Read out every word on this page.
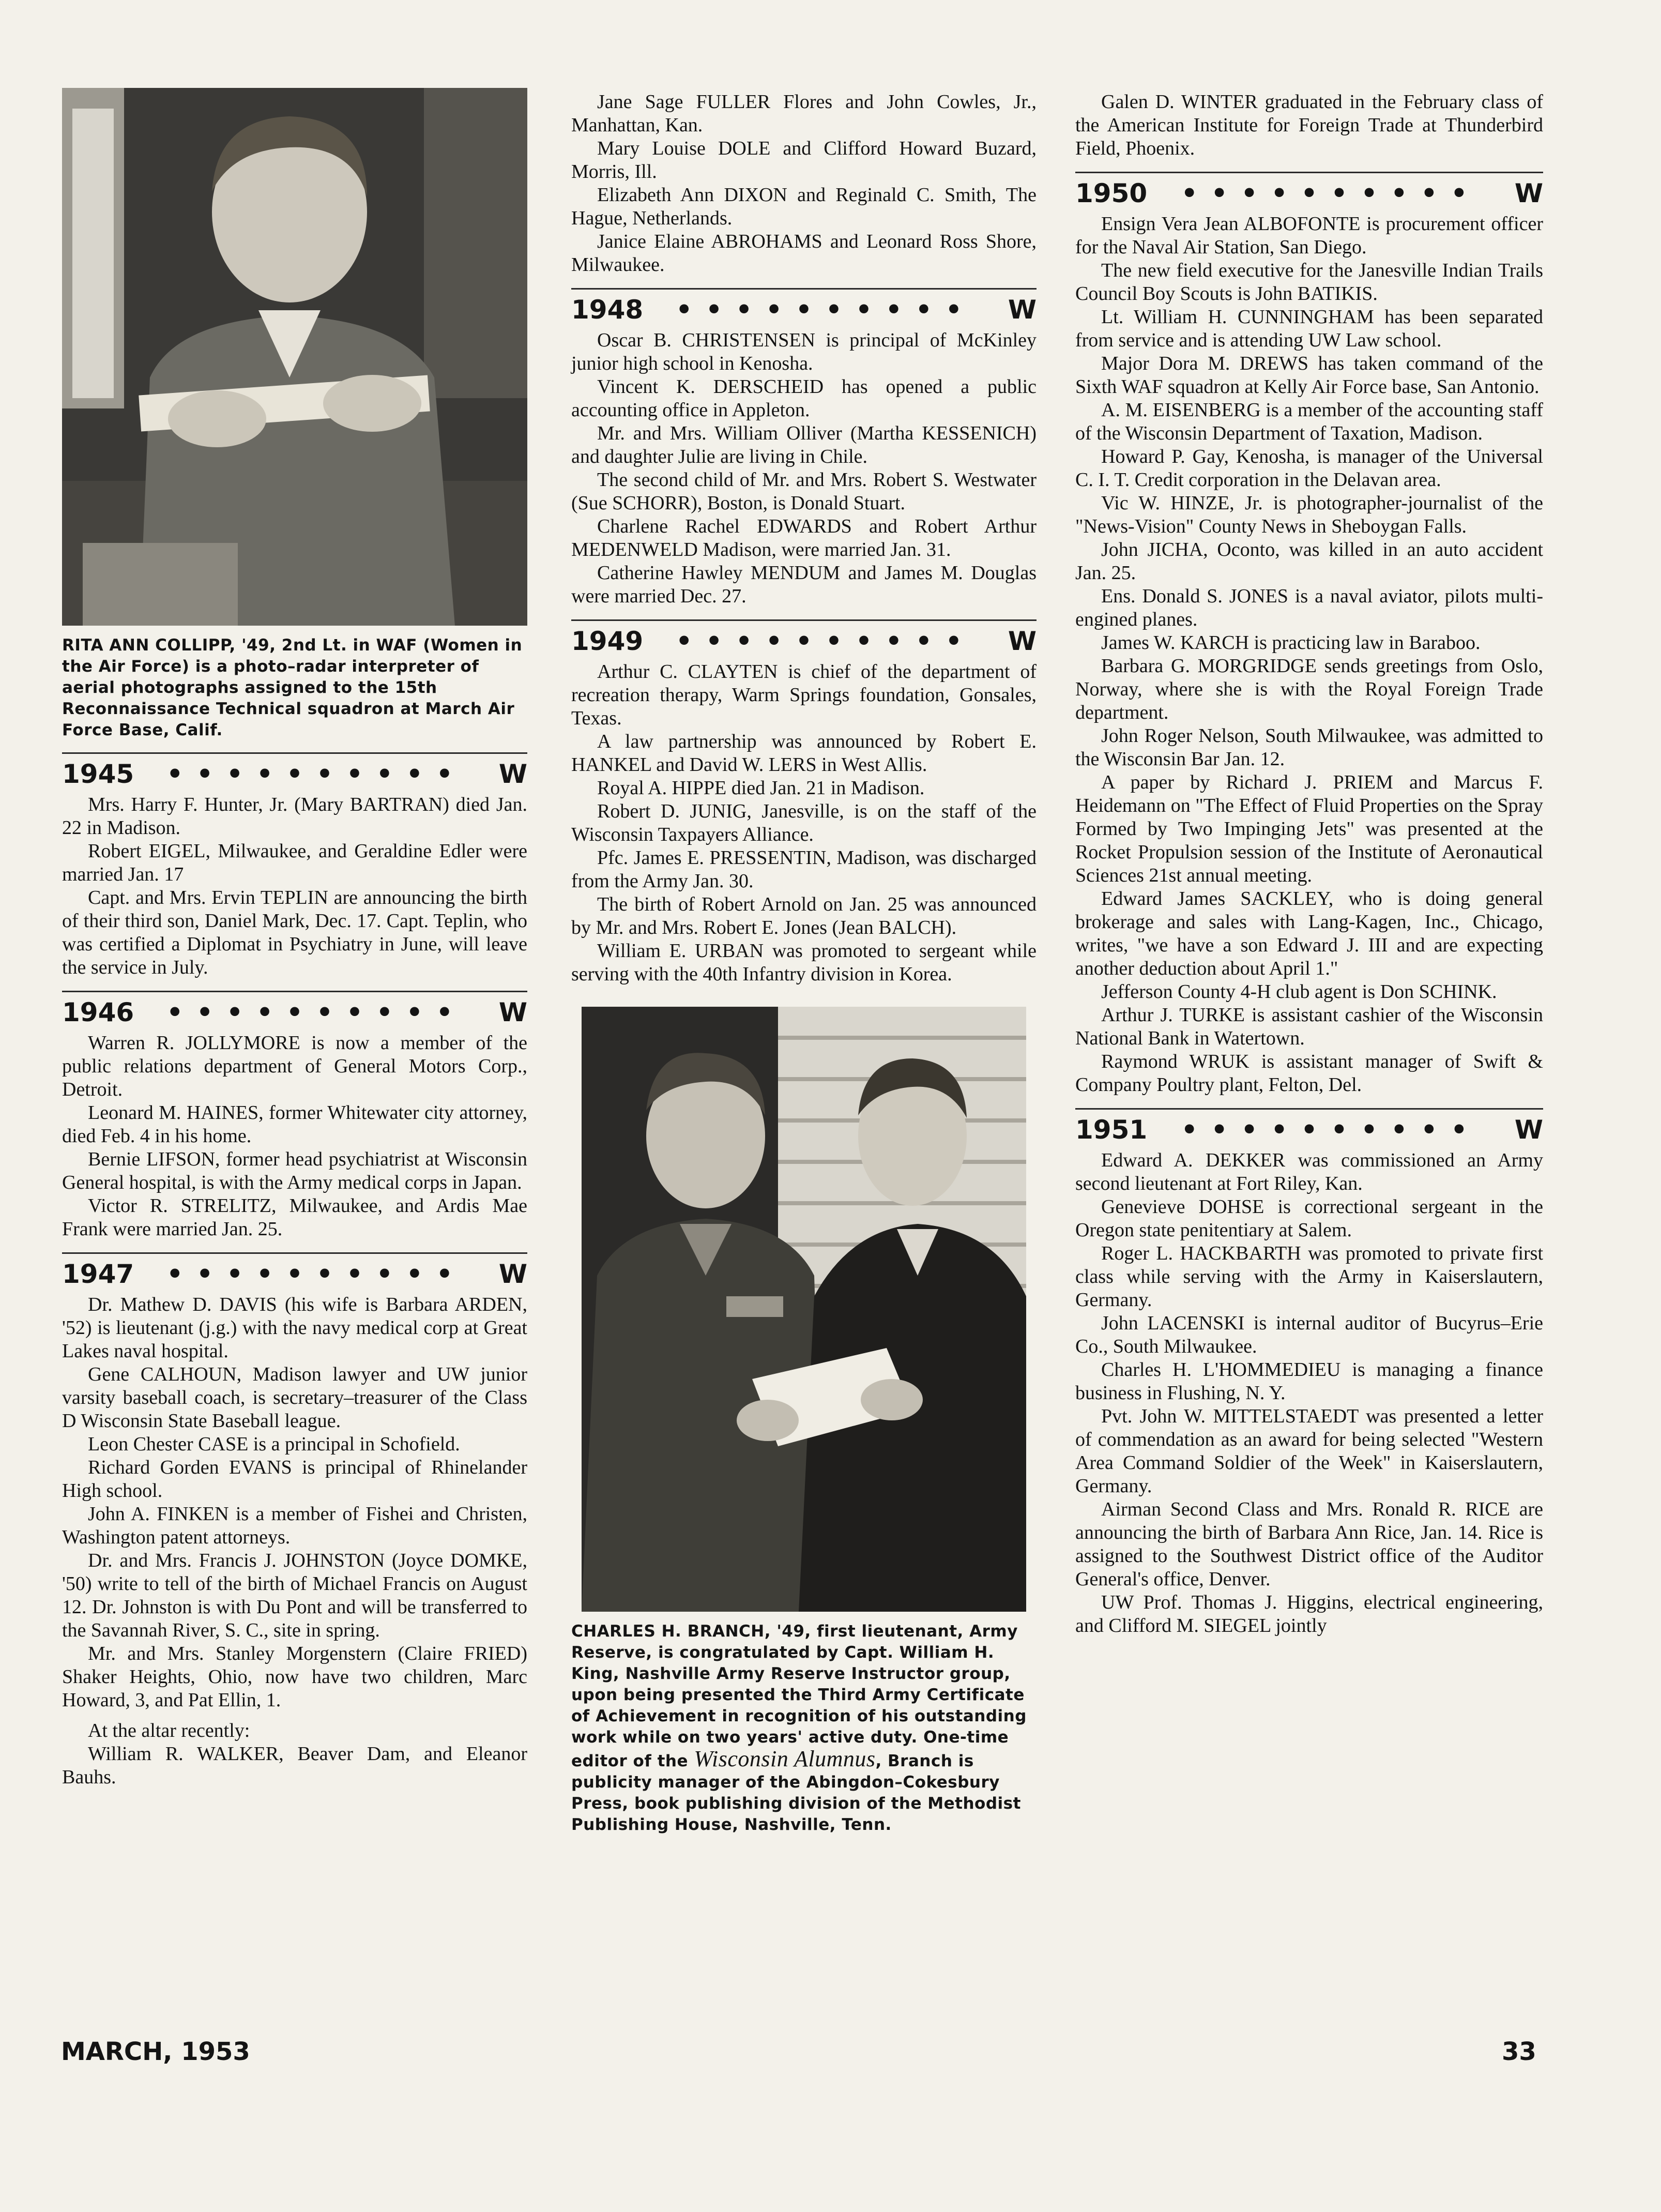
RITA ANN COLLIPP, '49, 2nd Lt. in WAF (Women in the Air Force) is a photo–radar interpreter of aerial photographs assigned to the 15th Reconnaissance Technical squadron at March Air Force Base, Calif.
1945	••••••••••	W

Mrs. Harry F. Hunter, Jr. (Mary BARTRAN) died Jan. 22 in Madison.

Robert EIGEL, Milwaukee, and Geraldine Edler were married Jan. 17

Capt. and Mrs. Ervin TEPLIN are announcing the birth of their third son, Daniel Mark, Dec. 17. Capt. Teplin, who was certified a Diplomat in Psychiatry in June, will leave the service in July.

1946	••••••••••	W

Warren R. JOLLYMORE is now a member of the public relations department of General Motors Corp., Detroit.

Leonard M. HAINES, former Whitewater city attorney, died Feb. 4 in his home.

Bernie LIFSON, former head psychiatrist at Wisconsin General hospital, is with the Army medical corps in Japan.

Victor R. STRELITZ, Milwaukee, and Ardis Mae Frank were married Jan. 25.

1947	••••••••••	W

Dr. Mathew D. DAVIS (his wife is Barbara ARDEN, '52) is lieutenant (j.g.) with the navy medical corp at Great Lakes naval hospital.

Gene CALHOUN, Madison lawyer and UW junior varsity baseball coach, is secretary–treasurer of the Class D Wisconsin State Baseball league.

Leon Chester CASE is a principal in Schofield.

Richard Gorden EVANS is principal of Rhinelander High school.

John A. FINKEN is a member of Fishei and Christen, Washington patent attorneys.

Dr. and Mrs. Francis J. JOHNSTON (Joyce DOMKE, '50) write to tell of the birth of Michael Francis on August 12. Dr. Johnston is with Du Pont and will be transferred to the Savannah River, S. C., site in spring.

Mr. and Mrs. Stanley Morgenstern (Claire FRIED) Shaker Heights, Ohio, now have two children, Marc Howard, 3, and Pat Ellin, 1.

At the altar recently:

William R. WALKER, Beaver Dam, and Eleanor Bauhs.

Jane Sage FULLER Flores and John Cowles, Jr., Manhattan, Kan.

Mary Louise DOLE and Clifford Howard Buzard, Morris, Ill.

Elizabeth Ann DIXON and Reginald C. Smith, The Hague, Netherlands.

Janice Elaine ABROHAMS and Leonard Ross Shore, Milwaukee.

1948	••••••••••	W

Oscar B. CHRISTENSEN is principal of McKinley junior high school in Kenosha.

Vincent K. DERSCHEID has opened a public accounting office in Appleton.

Mr. and Mrs. William Olliver (Martha KESSENICH) and daughter Julie are living in Chile.

The second child of Mr. and Mrs. Robert S. Westwater (Sue SCHORR), Boston, is Donald Stuart.

Charlene Rachel EDWARDS and Robert Arthur MEDENWELD Madison, were married Jan. 31.

Catherine Hawley MENDUM and James M. Douglas were married Dec. 27.

1949	••••••••••	W

Arthur C. CLAYTEN is chief of the department of recreation therapy, Warm Springs foundation, Gonsales, Texas.

A law partnership was announced by Robert E. HANKEL and David W. LERS in West Allis.

Royal A. HIPPE died Jan. 21 in Madison.

Robert D. JUNIG, Janesville, is on the staff of the Wisconsin Taxpayers Alliance.

Pfc. James E. PRESSENTIN, Madison, was discharged from the Army Jan. 30.

The birth of Robert Arnold on Jan. 25 was announced by Mr. and Mrs. Robert E. Jones (Jean BALCH).

William E. URBAN was promoted to sergeant while serving with the 40th Infantry division in Korea.

CHARLES H. BRANCH, '49, first lieutenant, Army Reserve, is congratulated by Capt. William H. King, Nashville Army Reserve Instructor group, upon being presented the Third Army Certificate of Achievement in recognition of his outstanding work while on two years' active duty. One-time editor of the Wisconsin Alumnus, Branch is publicity manager of the Abingdon–Cokesbury Press, book publishing division of the Methodist Publishing House, Nashville, Tenn.

Galen D. WINTER graduated in the February class of the American Institute for Foreign Trade at Thunderbird Field, Phoenix.

1950	••••••••••	W

Ensign Vera Jean ALBOFONTE is procurement officer for the Naval Air Station, San Diego.

The new field executive for the Janesville Indian Trails Council Boy Scouts is John BATIKIS.

Lt. William H. CUNNINGHAM has been separated from service and is attending UW Law school.

Major Dora M. DREWS has taken command of the Sixth WAF squadron at Kelly Air Force base, San Antonio.

A. M. EISENBERG is a member of the accounting staff of the Wisconsin Department of Taxation, Madison.

Howard P. Gay, Kenosha, is manager of the Universal C. I. T. Credit corporation in the Delavan area.

Vic W. HINZE, Jr. is photographer-journalist of the "News-Vision" County News in Sheboygan Falls.

John JICHA, Oconto, was killed in an auto accident Jan. 25.

Ens. Donald S. JONES is a naval aviator, pilots multi-engined planes.

James W. KARCH is practicing law in Baraboo.

Barbara G. MORGRIDGE sends greetings from Oslo, Norway, where she is with the Royal Foreign Trade department.

John Roger Nelson, South Milwaukee, was admitted to the Wisconsin Bar Jan. 12.

A paper by Richard J. PRIEM and Marcus F. Heidemann on "The Effect of Fluid Properties on the Spray Formed by Two Impinging Jets" was presented at the Rocket Propulsion session of the Institute of Aeronautical Sciences 21st annual meeting.

Edward James SACKLEY, who is doing general brokerage and sales with Lang-Kagen, Inc., Chicago, writes, "we have a son Edward J. III and are expecting another deduction about April 1."

Jefferson County 4-H club agent is Don SCHINK.

Arthur J. TURKE is assistant cashier of the Wisconsin National Bank in Watertown.

Raymond WRUK is assistant manager of Swift & Company Poultry plant, Felton, Del.

1951	••••••••••	W

Edward A. DEKKER was commissioned an Army second lieutenant at Fort Riley, Kan.

Genevieve DOHSE is correctional sergeant in the Oregon state penitentiary at Salem.

Roger L. HACKBARTH was promoted to private first class while serving with the Army in Kaiserslautern, Germany.

John LACENSKI is internal auditor of Bucyrus–Erie Co., South Milwaukee.

Charles H. L'HOMMEDIEU is managing a finance business in Flushing, N. Y.

Pvt. John W. MITTELSTAEDT was presented a letter of commendation as an award for being selected "Western Area Command Soldier of the Week" in Kaiserslautern, Germany.

Airman Second Class and Mrs. Ronald R. RICE are announcing the birth of Barbara Ann Rice, Jan. 14. Rice is assigned to the Southwest District office of the Auditor General's office, Denver.

UW Prof. Thomas J. Higgins, electrical engineering, and Clifford M. SIEGEL jointly

MARCH, 1953	33
